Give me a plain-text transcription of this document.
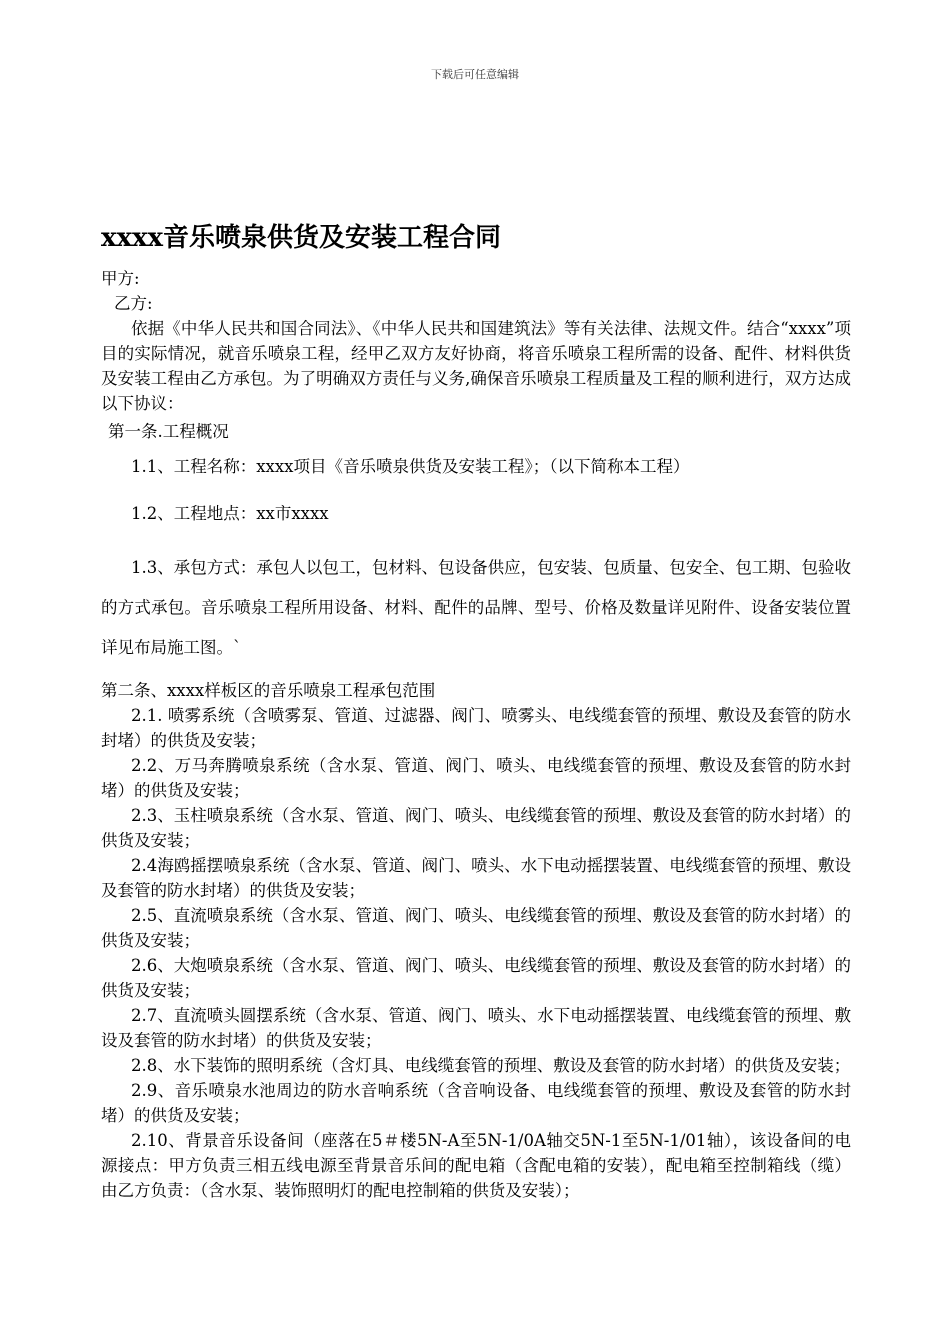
下载后可任意编辑
xxxx音乐喷泉供货及安装工程合同

甲方:

乙方:

依据《中华人民共和国合同法》、《中华人民共和国建筑法》等有关法律、法规文件。结合“xxxx”项目的实际情况，就音乐喷泉工程，经甲乙双方友好协商，将音乐喷泉工程所需的设备、配件、材料供货及安装工程由乙方承包。为了明确双方责任与义务,确保音乐喷泉工程质量及工程的顺利进行，双方达成以下协议：

第一条.工程概况

1.1、工程名称：xxxx项目《音乐喷泉供货及安装工程》；（以下简称本工程）

1.2、工程地点：xx市xxxx

1.3、承包方式：承包人以包工，包材料、包设备供应，包安装、包质量、包安全、包工期、包验收的方式承包。音乐喷泉工程所用设备、材料、配件的品牌、型号、价格及数量详见附件、设备安装位置详见布局施工图。`

第二条、xxxx样板区的音乐喷泉工程承包范围

2.1. 喷雾系统（含喷雾泵、管道、过滤器、阀门、喷雾头、电线缆套管的预埋、敷设及套管的防水封堵）的供货及安装；

2.2、万马奔腾喷泉系统（含水泵、管道、阀门、喷头、电线缆套管的预埋、敷设及套管的防水封堵）的供货及安装；

2.3、玉柱喷泉系统（含水泵、管道、阀门、喷头、电线缆套管的预埋、敷设及套管的防水封堵）的供货及安装；

2.4海鸥摇摆喷泉系统（含水泵、管道、阀门、喷头、水下电动摇摆装置、电线缆套管的预埋、敷设及套管的防水封堵）的供货及安装；

2.5、直流喷泉系统（含水泵、管道、阀门、喷头、电线缆套管的预埋、敷设及套管的防水封堵）的供货及安装；

2.6、大炮喷泉系统（含水泵、管道、阀门、喷头、电线缆套管的预埋、敷设及套管的防水封堵）的供货及安装；

2.7、直流喷头圆摆系统（含水泵、管道、阀门、喷头、水下电动摇摆装置、电线缆套管的预埋、敷设及套管的防水封堵）的供货及安装；

2.8、水下装饰的照明系统（含灯具、电线缆套管的预埋、敷设及套管的防水封堵）的供货及安装；

2.9、音乐喷泉水池周边的防水音响系统（含音响设备、电线缆套管的预埋、敷设及套管的防水封堵）的供货及安装；

2.10、背景音乐设备间（座落在5＃楼5N-A至5N-1/0A轴交5N-1至5N-1/01轴），该设备间的电源接点：甲方负责三相五线电源至背景音乐间的配电箱（含配电箱的安装），配电箱至控制箱线（缆）由乙方负责：（含水泵、装饰照明灯的配电控制箱的供货及安装）；
